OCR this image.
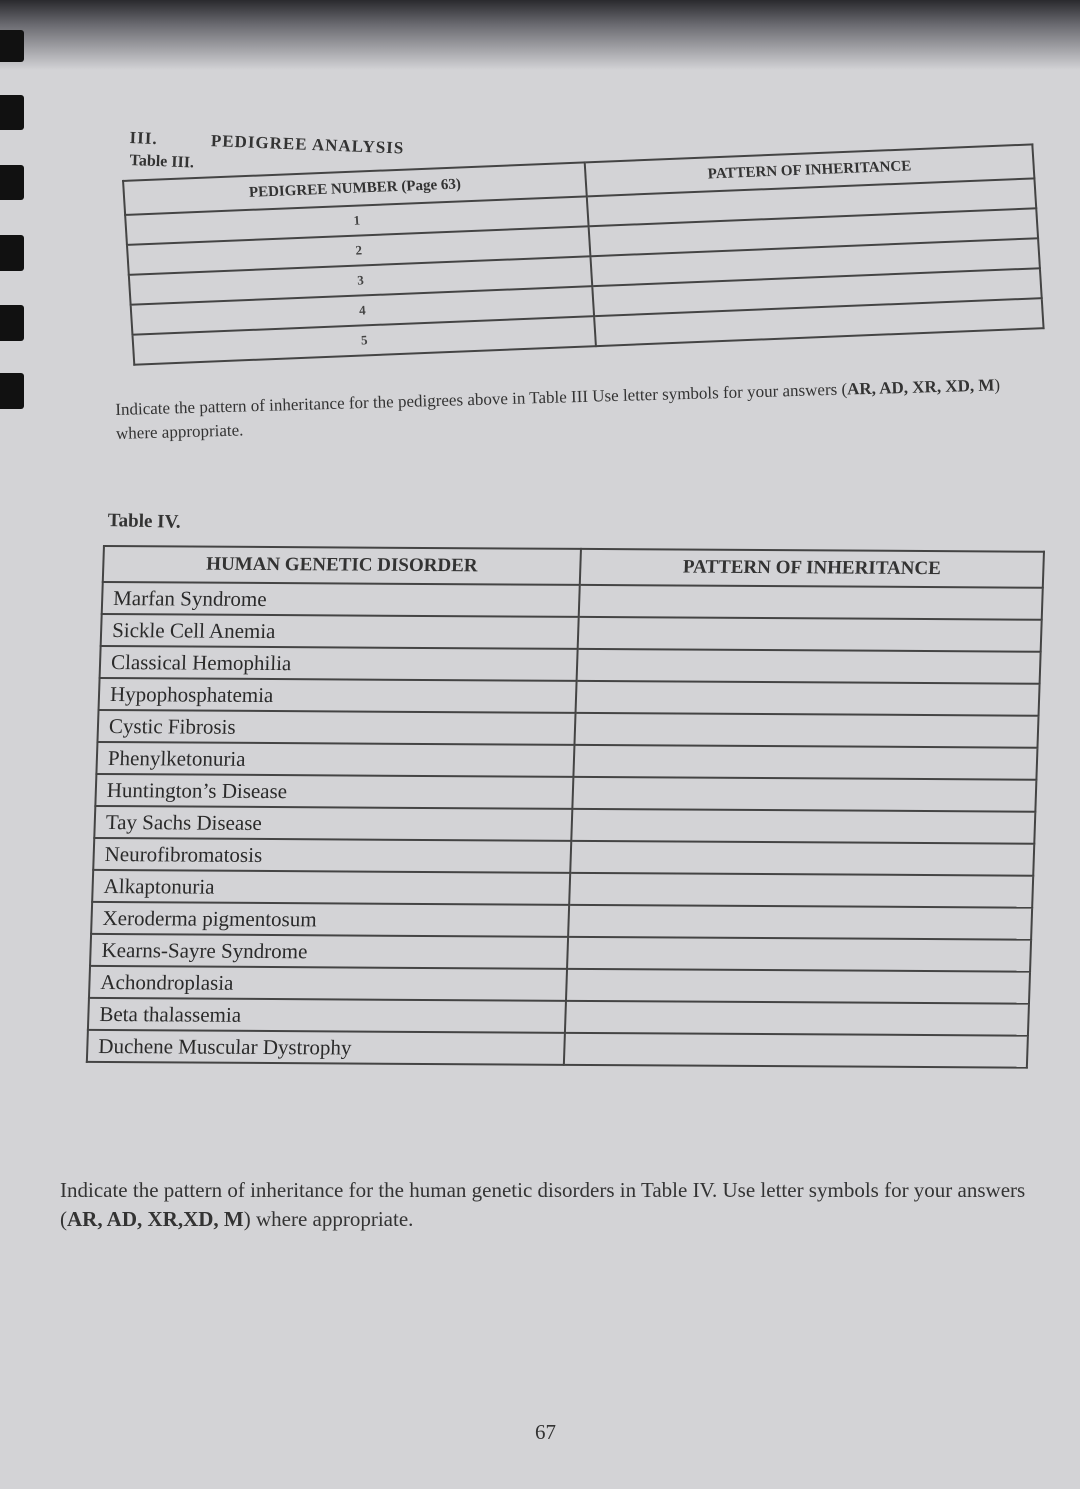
III.	PEDIGREE ANALYSIS
Table III.
PEDIGREE NUMBER (Page 63)	PATTERN OF INHERITANCE
1	
2	
3	
4	
5	
Indicate the pattern of inheritance for the pedigrees above in Table III Use letter symbols for your answers (AR, AD, XR, XD, M) where appropriate.
Table IV.
HUMAN GENETIC DISORDER	PATTERN OF INHERITANCE
Marfan Syndrome	
Sickle Cell Anemia	
Classical Hemophilia	
Hypophosphatemia	
Cystic Fibrosis	
Phenylketonuria	
Huntington’s Disease	
Tay Sachs Disease	
Neurofibromatosis	
Alkaptonuria	
Xeroderma pigmentosum	
Kearns-Sayre Syndrome	
Achondroplasia	
Beta thalassemia	
Duchene Muscular Dystrophy	
Indicate the pattern of inheritance for the human genetic disorders in Table IV. Use letter symbols for your answers (AR, AD, XR,XD, M) where appropriate.
67
